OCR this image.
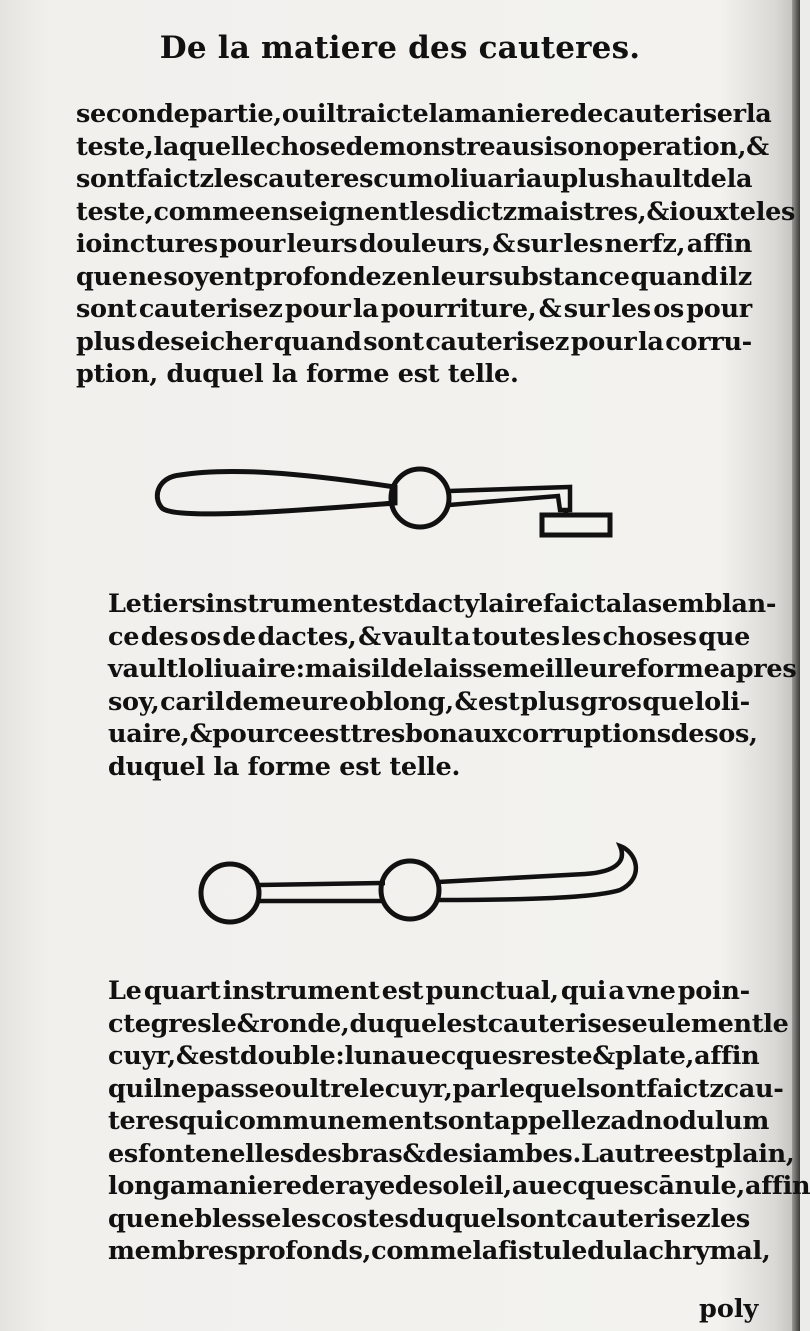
De la matiere des cauteres.
seconde partie, ou il traicte la maniere de cauteriser la
teste, laquelle chose demonstre ausi son operation, &
sont faictz les cauteres cum oliuari au plus hault de la
teste, comme enseignent lesdictz maistres, & iouxte les
ioinctures pour leurs douleurs, & sur les nerfz, affin
que ne soyent profondez en leur substance quand ilz
sont cauterisez pour la pourriture, & sur les os pour
plus deseicher quand sont cauterisez pour la corru-
ption, duquel la forme est telle.
Le tiers instrument est dactylaire faict a la semblan-
ce des os de dactes, & vault a toutes les choses que
vault loliuaire : mais il delaisse meilleure forme apres
soy, car il demeure oblong, & est plus gros que loli-
uaire, & pource est tresbon aux corruptions des os,
duquel la forme est telle.
Le quart instrument est punctual, qui a vne poin-
cte gresle & ronde, duquel est cauterise seulement le
cuyr, & est double : lun auecques reste & plate, affin
quil ne passe oultre le cuyr, par lequel sont faictz cau-
teres qui communement sont appellez ad nodulum
es fontenelles des bras & des iambes. Lautre est plain,
long a maniere de raye de soleil, auecques cānule, affin
que ne blesse les costes duquel sont cauterisez les
membres profonds, comme la fistule du lachrymal,
poly
